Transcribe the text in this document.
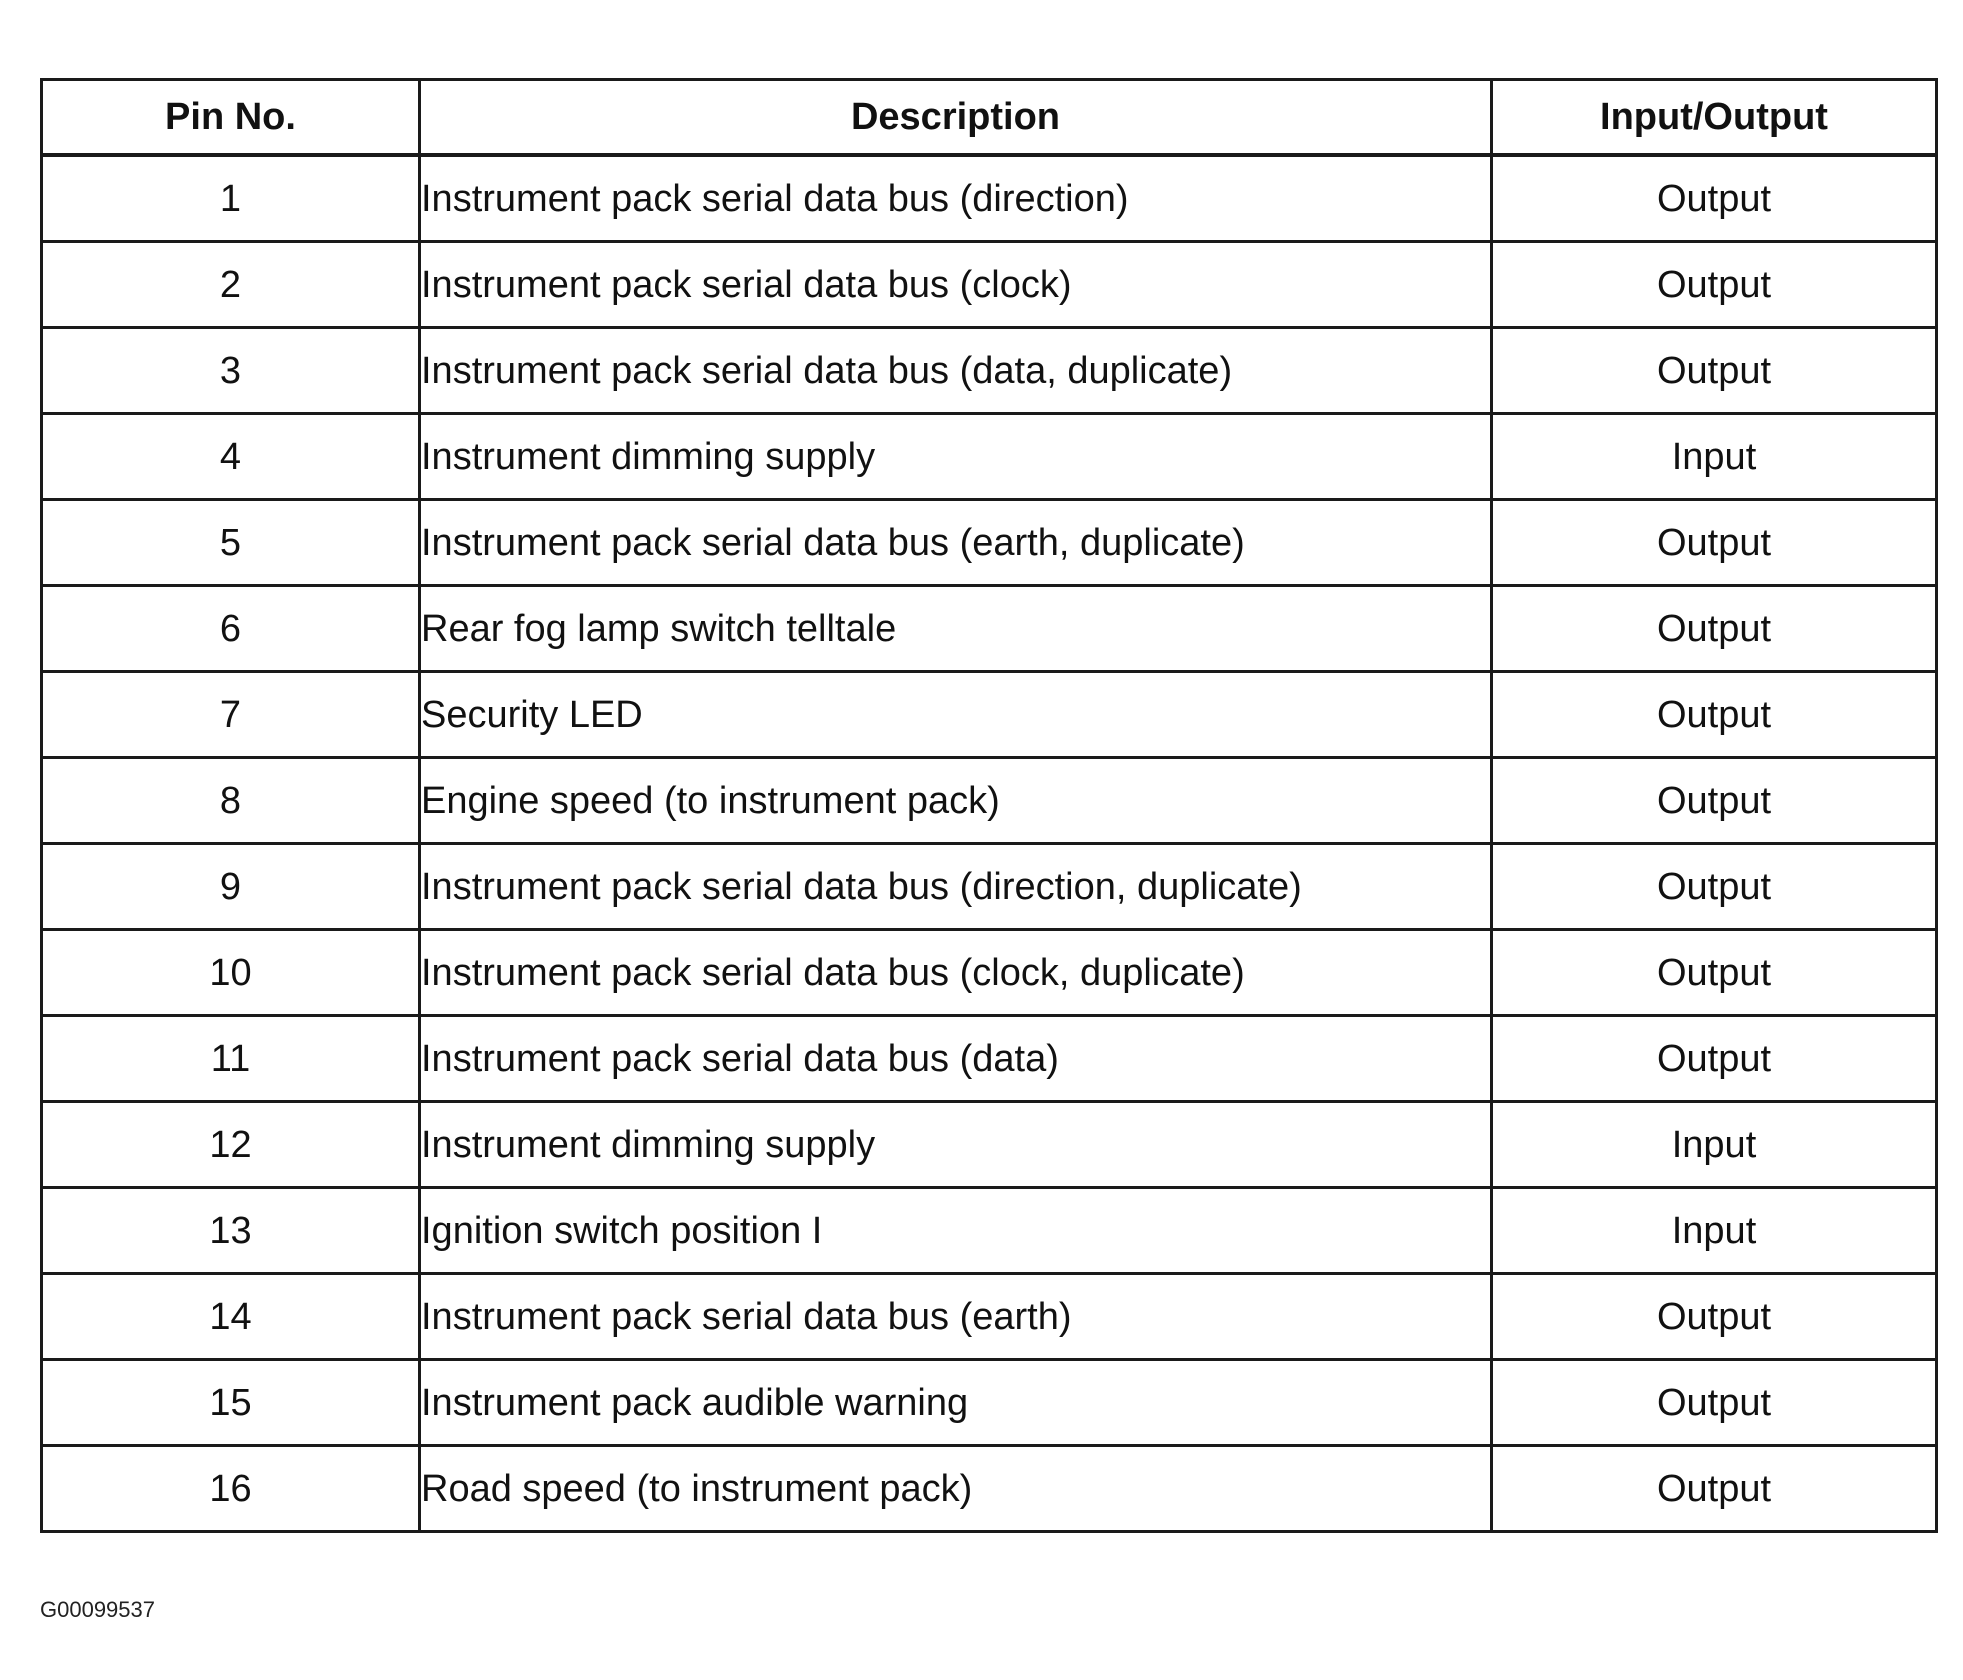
Pin No.	Description	Input/Output
1	Instrument pack serial data bus (direction)	Output
2	Instrument pack serial data bus (clock)	Output
3	Instrument pack serial data bus (data, duplicate)	Output
4	Instrument dimming supply	Input
5	Instrument pack serial data bus (earth, duplicate)	Output
6	Rear fog lamp switch telltale	Output
7	Security LED	Output
8	Engine speed (to instrument pack)	Output
9	Instrument pack serial data bus (direction, duplicate)	Output
10	Instrument pack serial data bus (clock, duplicate)	Output
11	Instrument pack serial data bus (data)	Output
12	Instrument dimming supply	Input
13	Ignition switch position I	Input
14	Instrument pack serial data bus (earth)	Output
15	Instrument pack audible warning	Output
16	Road speed (to instrument pack)	Output
G00099537
